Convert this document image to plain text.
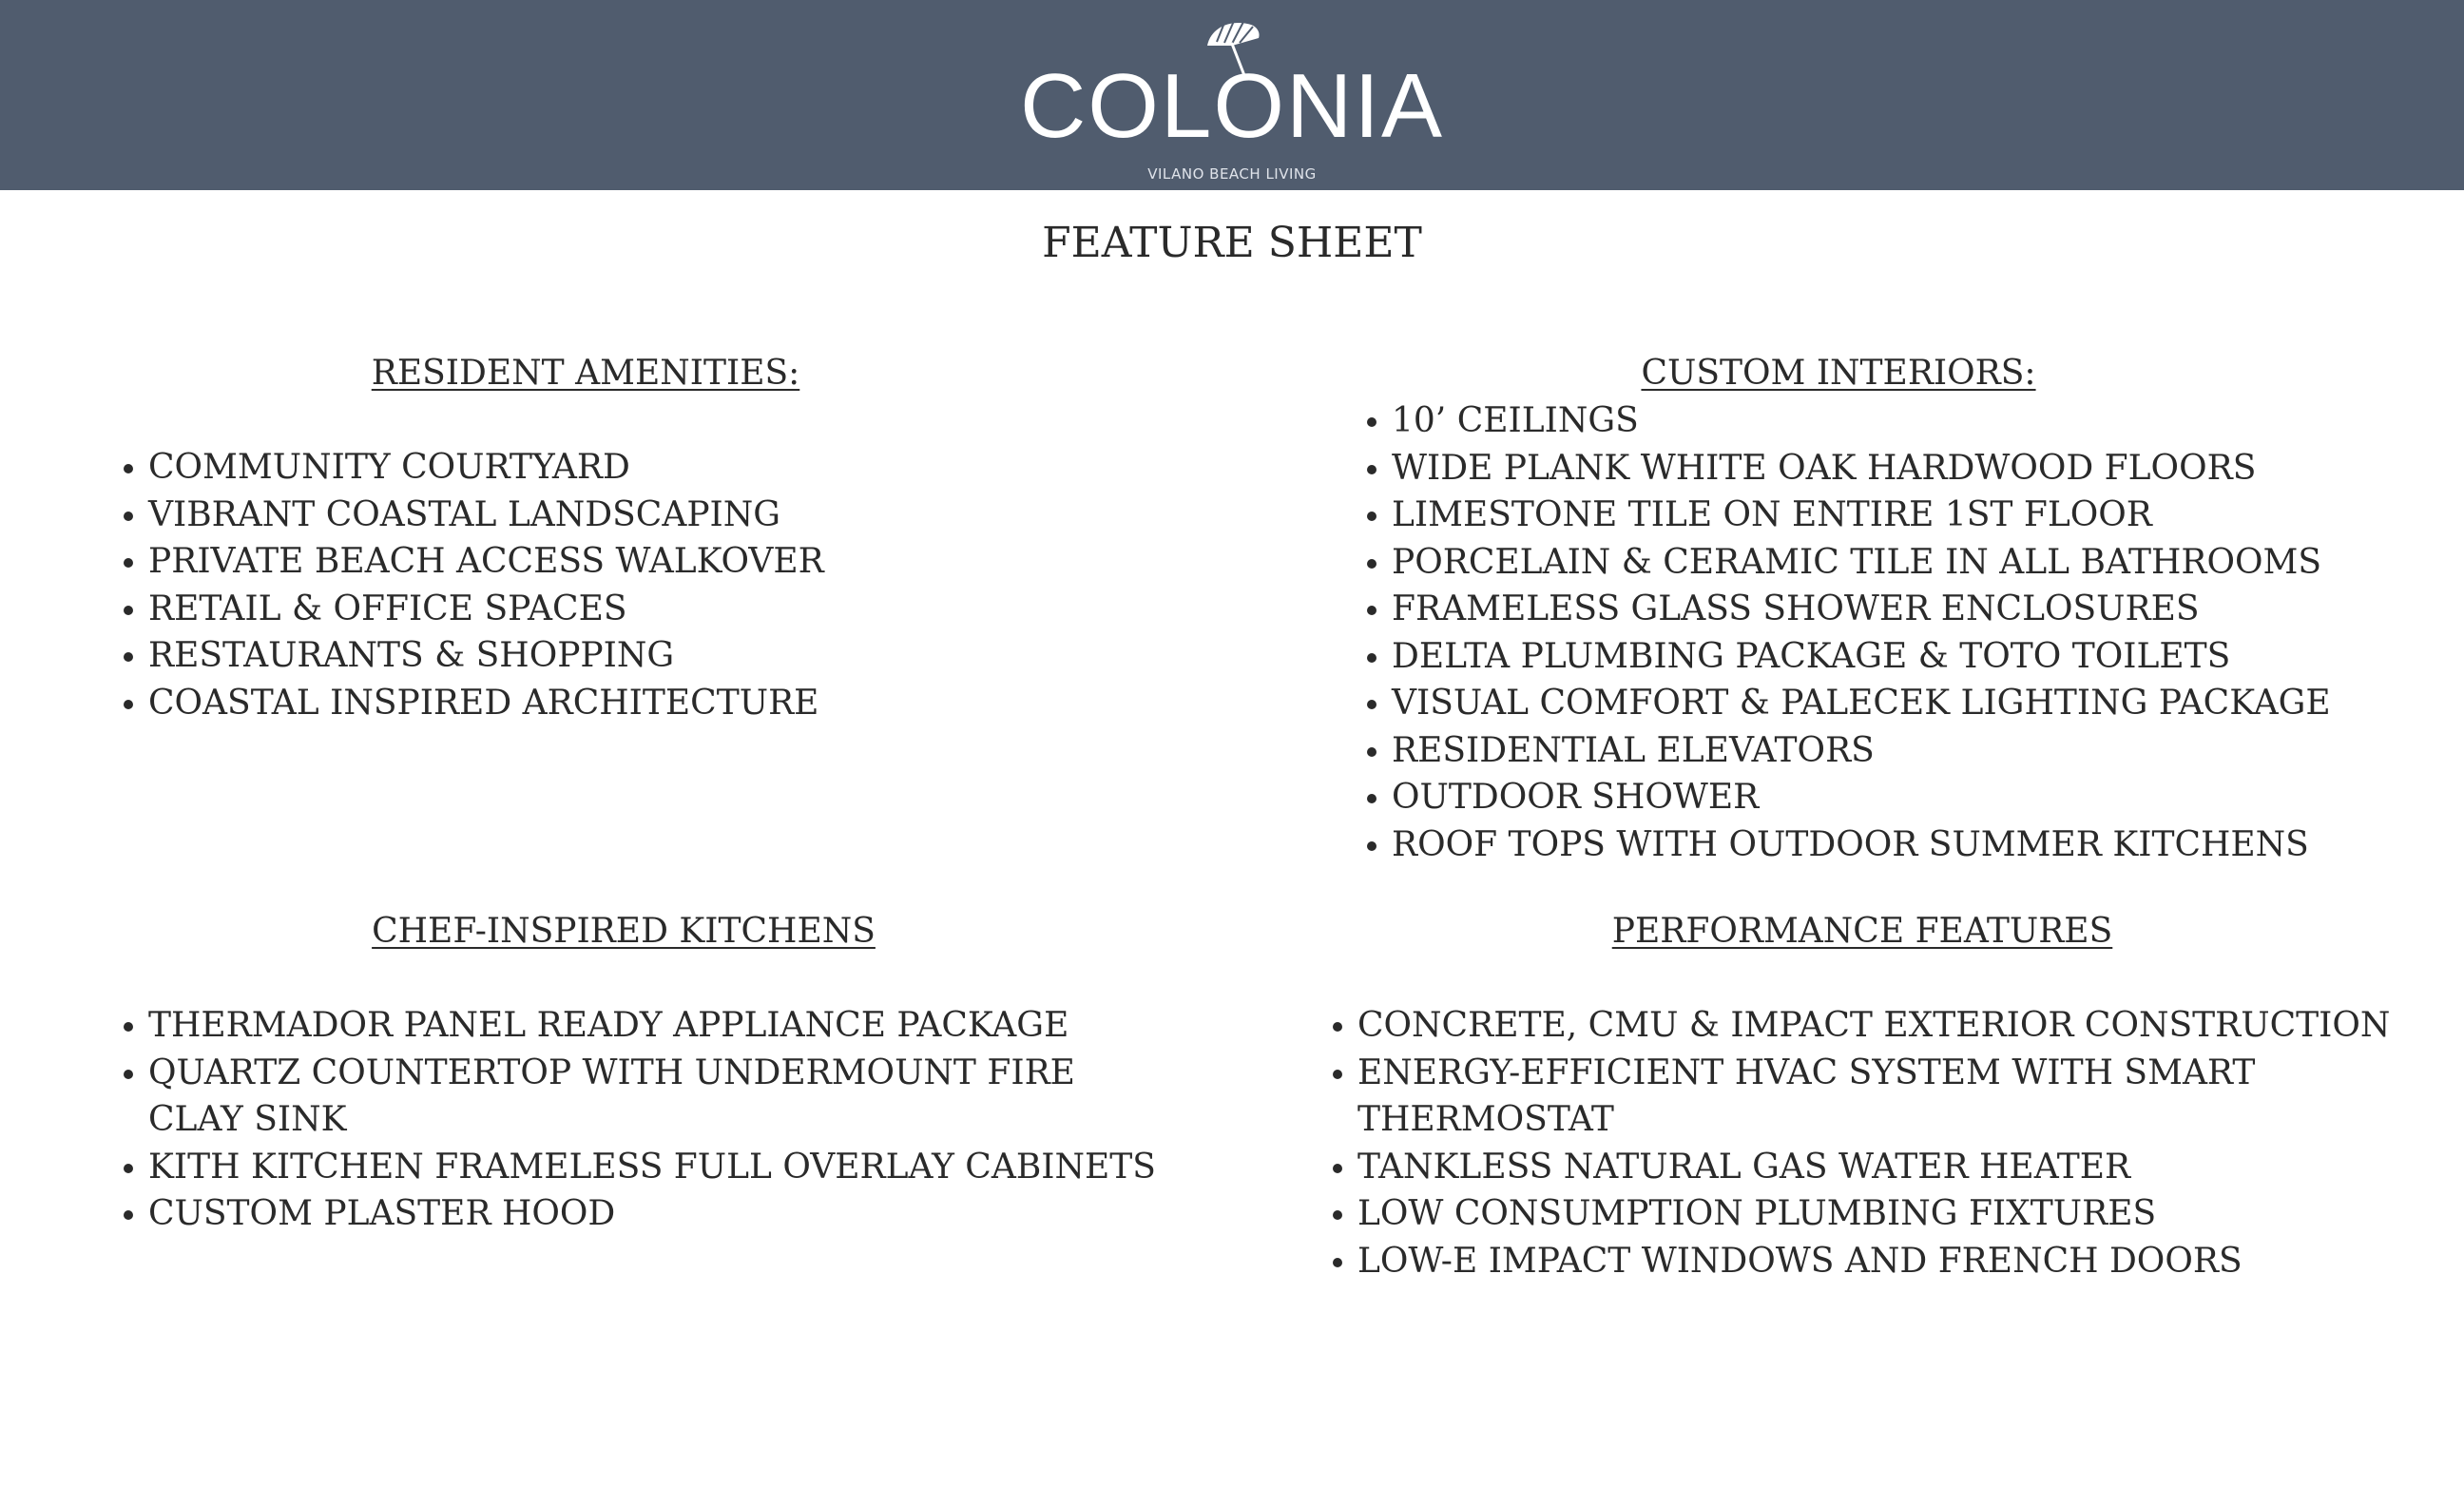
COLONIA
VILANO BEACH LIVING
FEATURE SHEET
RESIDENT AMENITIES:
COMMUNITY COURTYARD
VIBRANT COASTAL LANDSCAPING
PRIVATE BEACH ACCESS WALKOVER
RETAIL & OFFICE SPACES
RESTAURANTS & SHOPPING
COASTAL INSPIRED ARCHITECTURE
CUSTOM INTERIORS:
10’ CEILINGS
WIDE PLANK WHITE OAK HARDWOOD FLOORS
LIMESTONE TILE ON ENTIRE 1ST FLOOR
PORCELAIN & CERAMIC TILE IN ALL BATHROOMS
FRAMELESS GLASS SHOWER ENCLOSURES
DELTA PLUMBING PACKAGE & TOTO TOILETS
VISUAL COMFORT & PALECEK LIGHTING PACKAGE
RESIDENTIAL ELEVATORS
OUTDOOR SHOWER
ROOF TOPS WITH OUTDOOR SUMMER KITCHENS
CHEF-INSPIRED KITCHENS
THERMADOR PANEL READY APPLIANCE PACKAGE
QUARTZ COUNTERTOP WITH UNDERMOUNT FIRE CLAY SINK
KITH KITCHEN FRAMELESS FULL OVERLAY CABINETS
CUSTOM PLASTER HOOD
PERFORMANCE FEATURES
CONCRETE, CMU & IMPACT EXTERIOR CONSTRUCTION
ENERGY-EFFICIENT HVAC SYSTEM WITH SMART THERMOSTAT
TANKLESS NATURAL GAS WATER HEATER
LOW CONSUMPTION PLUMBING FIXTURES
LOW-E IMPACT WINDOWS AND FRENCH DOORS
